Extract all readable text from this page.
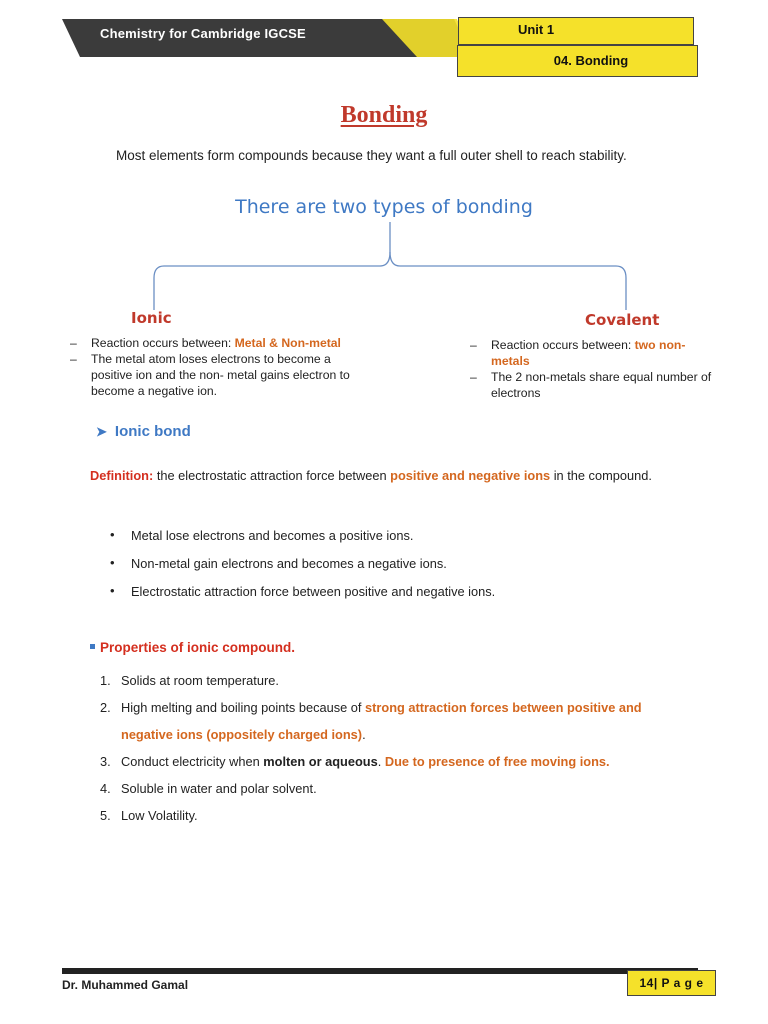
Chemistry for Cambridge IGCSE	Unit 1
04. Bonding
Bonding
Most elements form compounds because they want a full outer shell to reach stability.
There are two types of bonding
Ionic
– Reaction occurs between: Metal & Non-metal
– The metal atom loses electrons to become a positive ion and the non- metal gains electron to become a negative ion.
Covalent
– Reaction occurs between: two non-metals
– The 2 non-metals share equal number of electrons
➤ Ionic bond
Definition: the electrostatic attraction force between positive and negative ions in the compound.
• Metal lose electrons and becomes a positive ions.
• Non-metal gain electrons and becomes a negative ions.
• Electrostatic attraction force between positive and negative ions.
Properties of ionic compound.
1. Solids at room temperature.
2. High melting and boiling points because of strong attraction forces between positive and negative ions (oppositely charged ions).
3. Conduct electricity when molten or aqueous. Due to presence of free moving ions.
4. Soluble in water and polar solvent.
5. Low Volatility.
Dr. Muhammed Gamal	14| P a g e
